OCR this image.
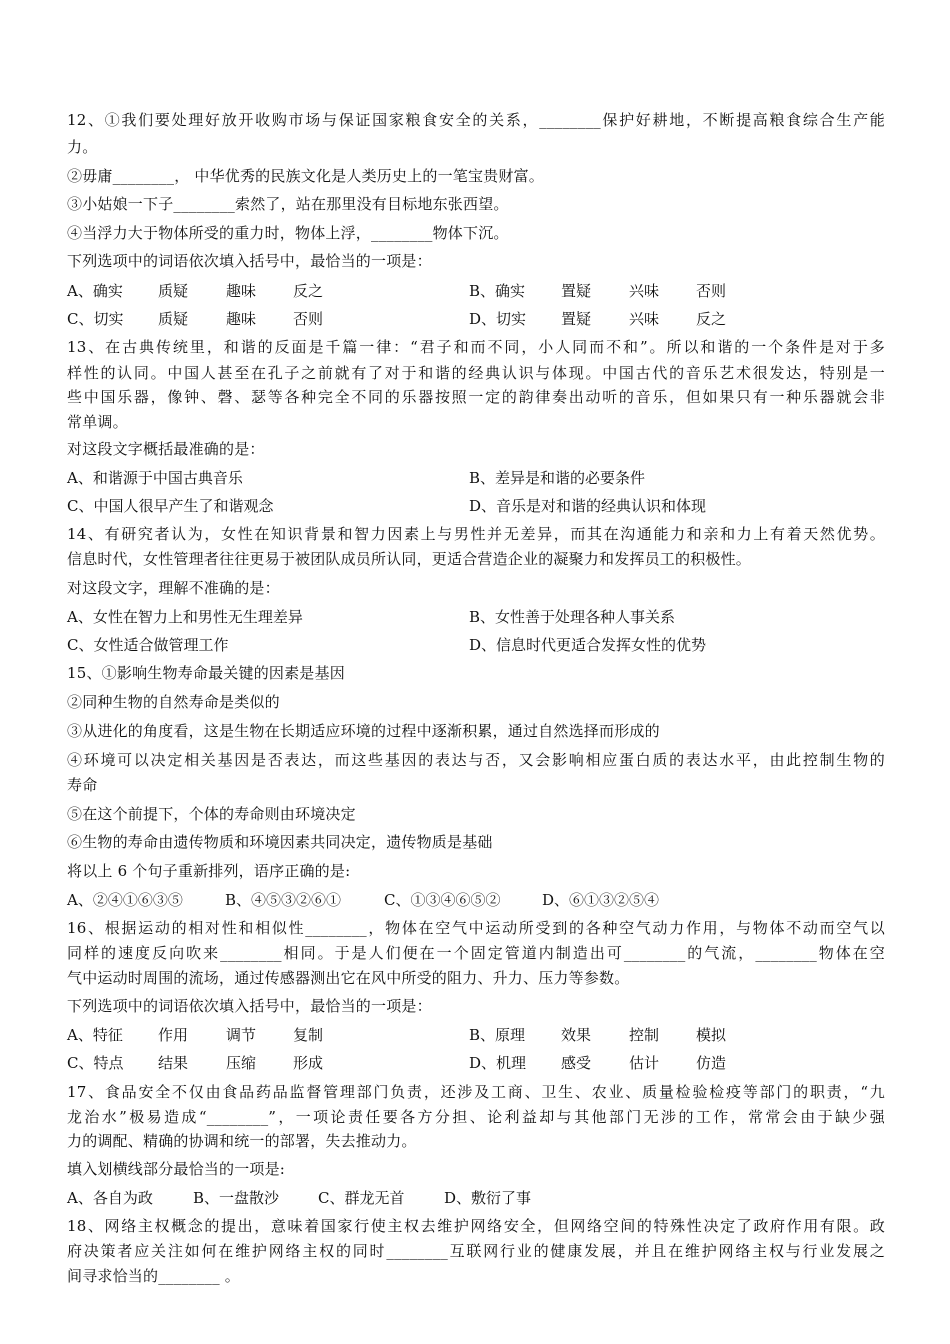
12、①我们要处理好放开收购市场与保证国家粮食安全的关系，________保护好耕地，不断提高粮食综合生产能
力。
②毋庸________， 中华优秀的民族文化是人类历史上的一笔宝贵财富。
③小姑娘一下子________索然了，站在那里没有目标地东张西望。
④当浮力大于物体所受的重力时，物体上浮，________物体下沉。
下列选项中的词语依次填入括号中，最恰当的一项是：
A、确实 质疑	趣味 反之	B、确实 置疑	兴味 否则
C、切实 质疑	趣味 否则	D、切实 置疑	兴味 反之
13、在古典传统里，和谐的反面是千篇一律：“君子和而不同，小人同而不和”。所以和谐的一个条件是对于多
样性的认同。中国人甚至在孔子之前就有了对于和谐的经典认识与体现。中国古代的音乐艺术很发达，特别是一
些中国乐器，像钟、磬、瑟等各种完全不同的乐器按照一定的韵律奏出动听的音乐，但如果只有一种乐器就会非
常单调。
对这段文字概括最准确的是：
A、和谐源于中国古典音乐	B、差异是和谐的必要条件
C、中国人很早产生了和谐观念	D、音乐是对和谐的经典认识和体现
14、有研究者认为，女性在知识背景和智力因素上与男性并无差异，而其在沟通能力和亲和力上有着天然优势。
信息时代，女性管理者往往更易于被团队成员所认同，更适合营造企业的凝聚力和发挥员工的积极性。
对这段文字，理解不准确的是：
A、女性在智力上和男性无生理差异	B、女性善于处理各种人事关系
C、女性适合做管理工作	D、信息时代更适合发挥女性的优势
15、①影响生物寿命最关键的因素是基因
②同种生物的自然寿命是类似的
③从进化的角度看，这是生物在长期适应环境的过程中逐渐积累，通过自然选择而形成的
④环境可以决定相关基因是否表达，而这些基因的表达与否，又会影响相应蛋白质的表达水平，由此控制生物的
寿命
⑤在这个前提下，个体的寿命则由环境决定
⑥生物的寿命由遗传物质和环境因素共同决定，遗传物质是基础
将以上 6 个句子重新排列，语序正确的是:
A、②④①⑥③⑤	B、④⑤③②⑥①	C、①③④⑥⑤②	D、⑥①③②⑤④
16、根据运动的相对性和相似性________，物体在空气中运动所受到的各种空气动力作用，与物体不动而空气以
同样的速度反向吹来________相同。于是人们便在一个固定管道内制造出可________的气流，________物体在空
气中运动时周围的流场，通过传感器测出它在风中所受的阻力、升力、压力等参数。
下列选项中的词语依次填入括号中，最恰当的一项是：
A、特征 作用	调节 复制	B、原理 效果	控制 模拟
C、特点 结果	压缩 形成	D、机理 感受	估计 仿造
17、食品安全不仅由食品药品监督管理部门负责，还涉及工商、卫生、农业、质量检验检疫等部门的职责，“九
龙治水”极易造成“________”，一项论责任要各方分担、论利益却与其他部门无涉的工作，常常会由于缺少强
力的调配、精确的协调和统一的部署，失去推动力。
填入划横线部分最恰当的一项是:
A、各自为政	B、一盘散沙	C、群龙无首	D、敷衍了事
18、网络主权概念的提出，意味着国家行使主权去维护网络安全，但网络空间的特殊性决定了政府作用有限。政
府决策者应关注如何在维护网络主权的同时________互联网行业的健康发展，并且在维护网络主权与行业发展之
间寻求恰当的________ 。
